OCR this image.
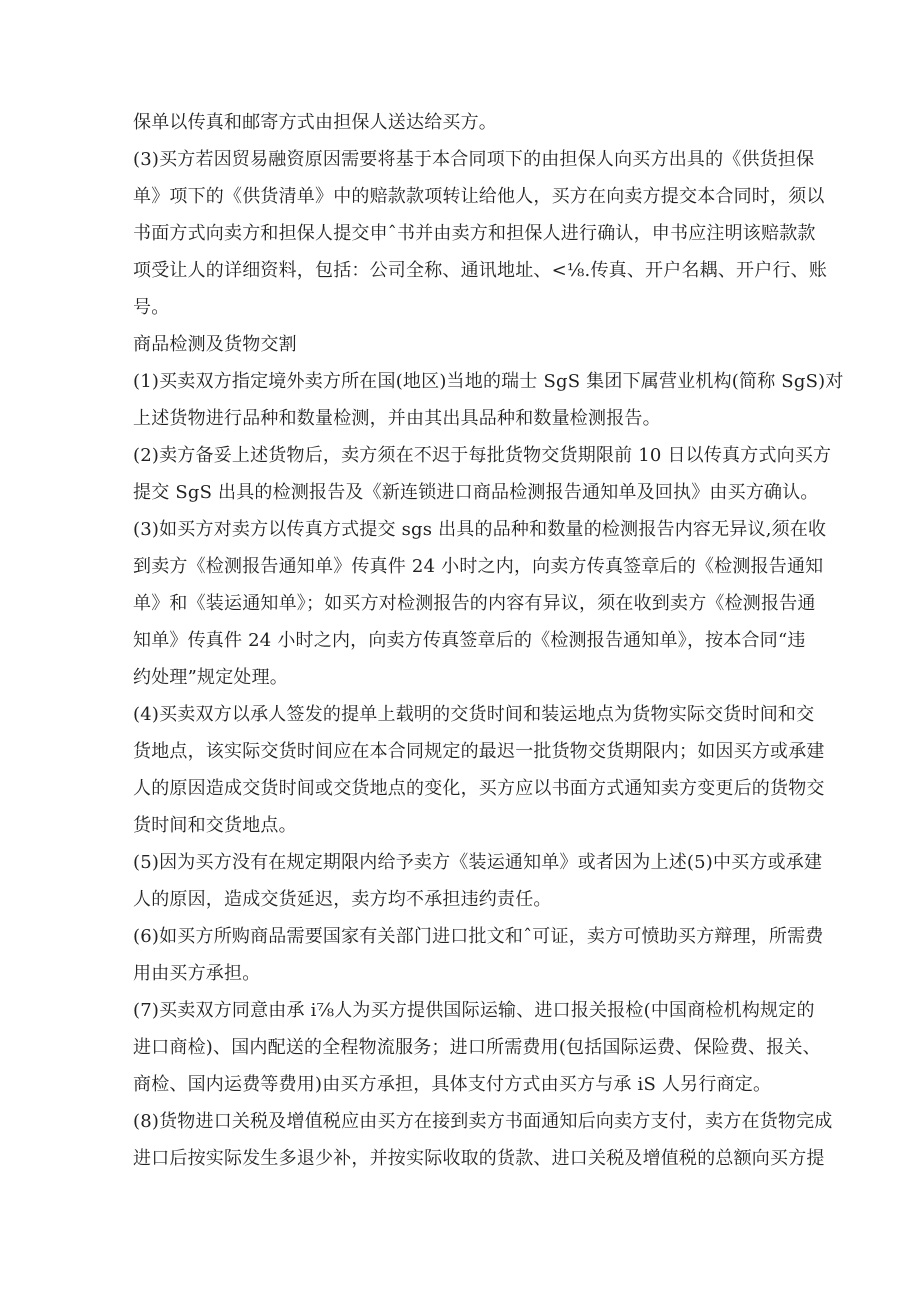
保单以传真和邮寄方式由担保人送达给买方。
(3)买方若因贸易融资原因需要将基于本合同项下的由担保人向买方出具的《供货担保
单》项下的《供货清单》中的赔款款项转让给他人，买方在向卖方提交本合同时，须以
书面方式向卖方和担保人提交申ˆ书并由卖方和担保人进行确认，申书应注明该赔款款
项受让人的详细资料，包括：公司全称、通讯地址、<⅛.传真、开户名耦、开户行、账
号。
商品检测及货物交割
(1)买卖双方指定境外卖方所在国(地区)当地的瑞士 SgS 集团下属营业机构(简称 SgS)对
上述货物进行品种和数量检测，并由其出具品种和数量检测报告。
(2)卖方备妥上述货物后，卖方须在不迟于每批货物交货期限前 10 日以传真方式向买方
提交 SgS 出具的检测报告及《新连锁进口商品检测报告通知单及回执》由买方确认。
(3)如买方对卖方以传真方式提交 sgs 出具的品种和数量的检测报告内容无异议,须在收
到卖方《检测报告通知单》传真件 24 小时之内，向卖方传真签章后的《检测报告通知
单》和《装运通知单》；如买方对检测报告的内容有异议，须在收到卖方《检测报告通
知单》传真件 24 小时之内，向卖方传真签章后的《检测报告通知单》，按本合同“违
约处理”规定处理。
(4)买卖双方以承人签发的提单上载明的交货时间和装运地点为货物实际交货时间和交
货地点，该实际交货时间应在本合同规定的最迟一批货物交货期限内；如因买方或承建
人的原因造成交货时间或交货地点的变化，买方应以书面方式通知卖方变更后的货物交
货时间和交货地点。
(5)因为买方没有在规定期限内给予卖方《装运通知单》或者因为上述(5)中买方或承建
人的原因，造成交货延迟，卖方均不承担违约责任。
(6)如买方所购商品需要国家有关部门进口批文和ˆ可证，卖方可愤助买方辩理，所需费
用由买方承担。
(7)买卖双方同意由承 i⅞人为买方提供国际运输、进口报关报检(中国商检机构规定的
进口商检)、国内配送的全程物流服务；进口所需费用(包括国际运费、保险费、报关、
商检、国内运费等费用)由买方承担，具体支付方式由买方与承 iS 人另行商定。
(8)货物进口关税及增值税应由买方在接到卖方书面通知后向卖方支付，卖方在货物完成
进口后按实际发生多退少补，并按实际收取的货款、进口关税及增值税的总额向买方提
